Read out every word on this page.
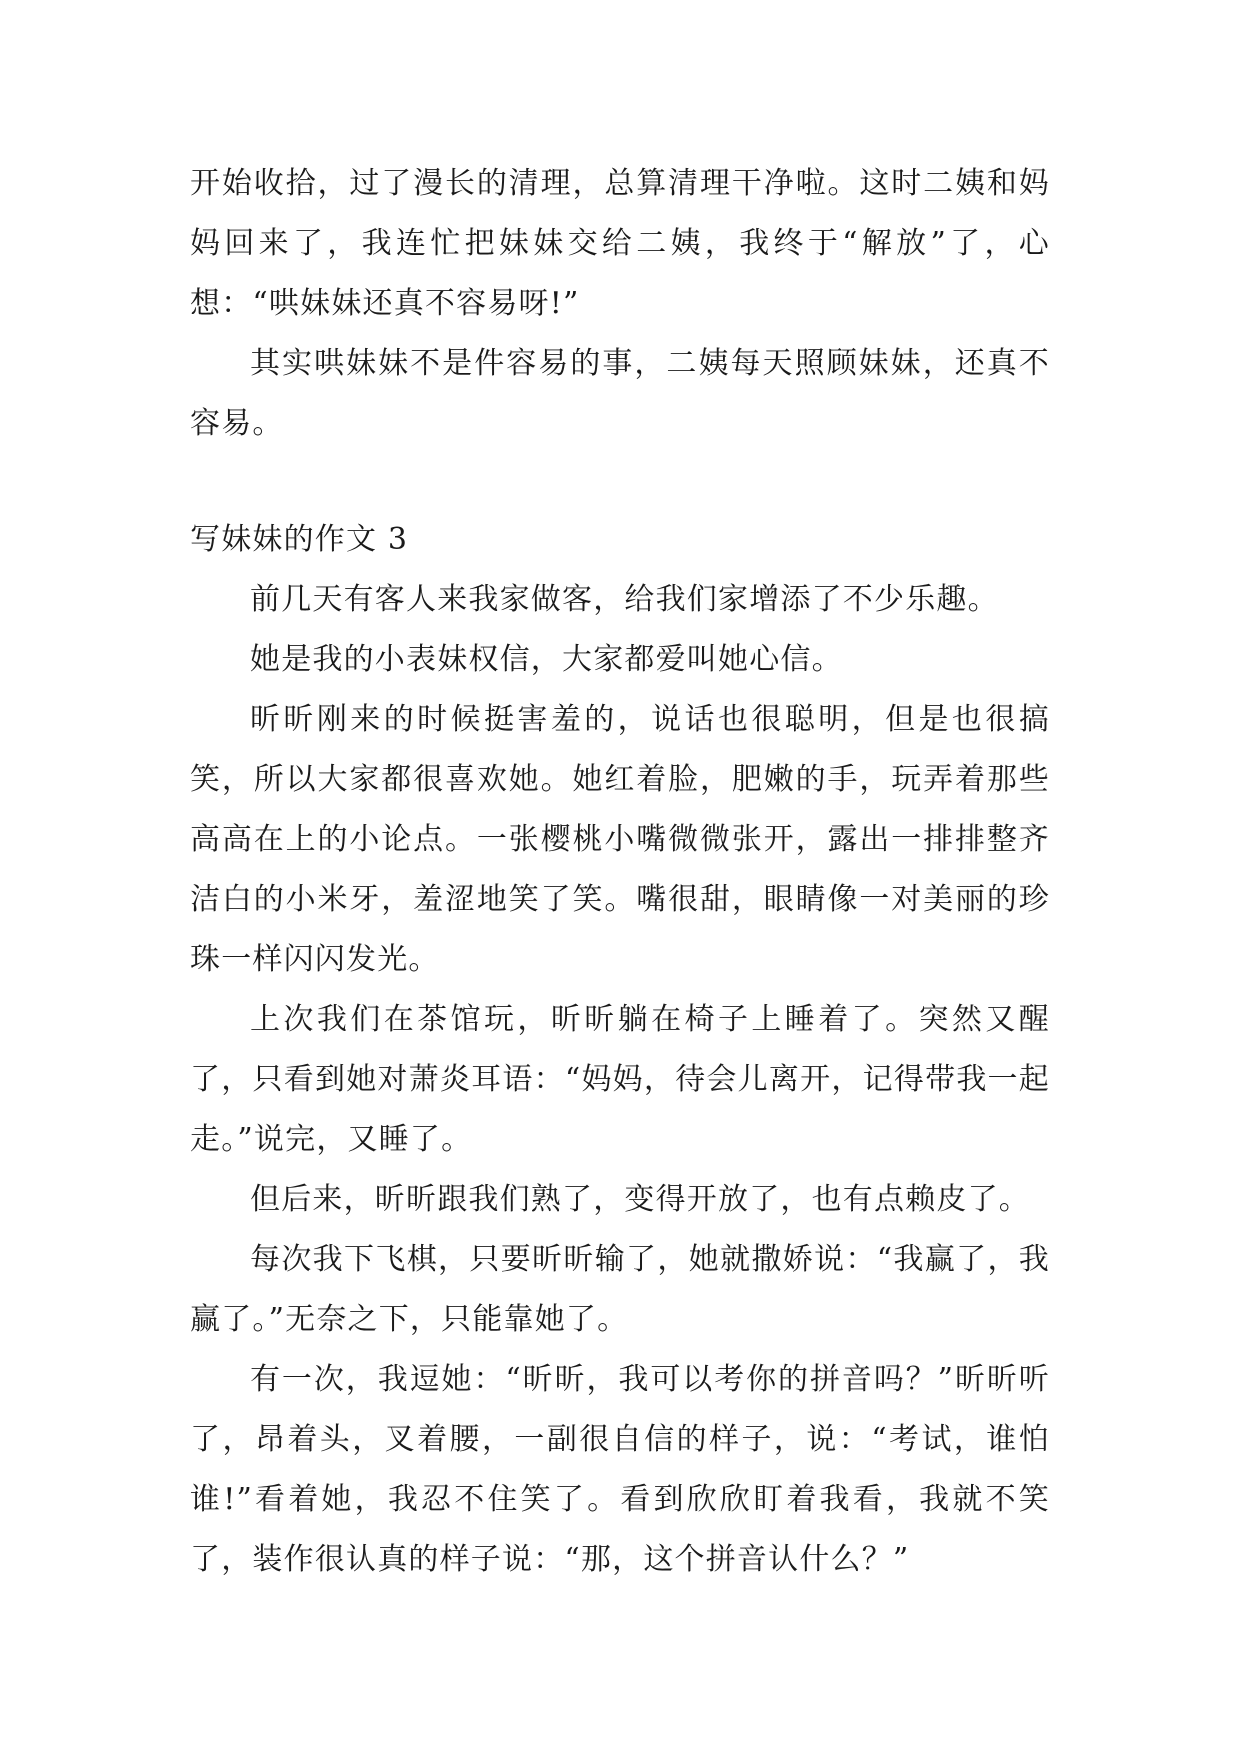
开始收拾，过了漫长的清理，总算清理干净啦。这时二姨和妈妈回来了，我连忙把妹妹交给二姨，我终于“解放”了，心想：“哄妹妹还真不容易呀!”

其实哄妹妹不是件容易的事，二姨每天照顾妹妹，还真不容易。

写妹妹的作文 3

前几天有客人来我家做客，给我们家增添了不少乐趣。

她是我的小表妹权信，大家都爱叫她心信。

昕昕刚来的时候挺害羞的，说话也很聪明，但是也很搞笑，所以大家都很喜欢她。她红着脸，肥嫩的手，玩弄着那些高高在上的小论点。一张樱桃小嘴微微张开，露出一排排整齐洁白的小米牙，羞涩地笑了笑。嘴很甜，眼睛像一对美丽的珍珠一样闪闪发光。

上次我们在茶馆玩，昕昕躺在椅子上睡着了。突然又醒了，只看到她对萧炎耳语：“妈妈，待会儿离开，记得带我一起走。”说完，又睡了。

但后来，昕昕跟我们熟了，变得开放了，也有点赖皮了。

每次我下飞棋，只要昕昕输了，她就撒娇说：“我赢了，我赢了。”无奈之下，只能靠她了。

有一次，我逗她：“昕昕，我可以考你的拼音吗？”昕昕听了，昂着头，叉着腰，一副很自信的样子，说：“考试，谁怕谁!”看着她，我忍不住笑了。看到欣欣盯着我看，我就不笑了，装作很认真的样子说：“那，这个拼音认什么？”
